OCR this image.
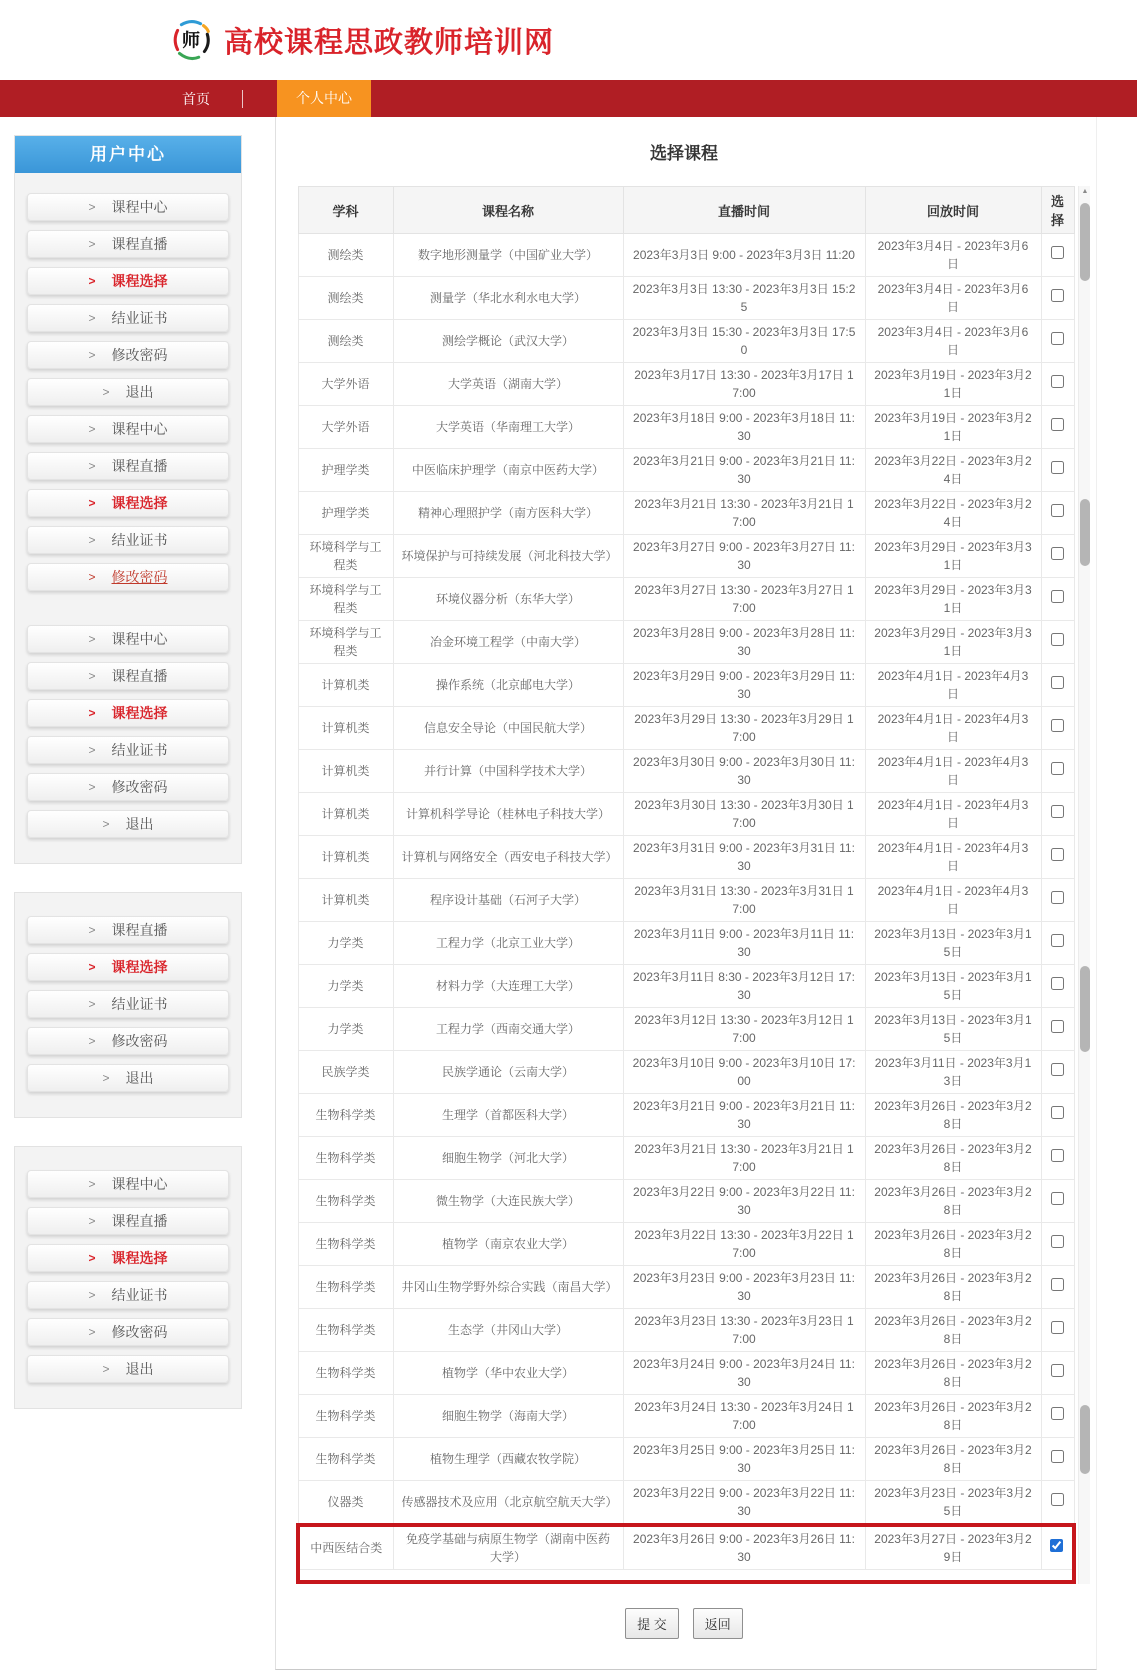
师 高校课程思政教师培训网
首页	个人中心
用户中心
> 课程中心
> 课程直播
> 课程选择
> 结业证书
> 修改密码
> 退出
> 课程中心
> 课程直播
> 课程选择
> 结业证书
> 修改密码
> 课程中心
> 课程直播
> 课程选择
> 结业证书
> 修改密码
> 退出
> 课程直播
> 课程选择
> 结业证书
> 修改密码
> 退出
> 课程中心
> 课程直播
> 课程选择
> 结业证书
> 修改密码
> 退出
选择课程
学科	课程名称	直播时间	回放时间	选择
测绘类	数字地形测量学（中国矿业大学）	2023年3月3日 9:00 - 2023年3月3日 11:20	2023年3月4日 - 2023年3月6日	
测绘类	测量学（华北水利水电大学）	2023年3月3日 13:30 - 2023年3月3日 15:25	2023年3月4日 - 2023年3月6日	
测绘类	测绘学概论（武汉大学）	2023年3月3日 15:30 - 2023年3月3日 17:50	2023年3月4日 - 2023年3月6日	
大学外语	大学英语（湖南大学）	2023年3月17日 13:30 - 2023年3月17日 17:00	2023年3月19日 - 2023年3月21日	
大学外语	大学英语（华南理工大学）	2023年3月18日 9:00 - 2023年3月18日 11:30	2023年3月19日 - 2023年3月21日	
护理学类	中医临床护理学（南京中医药大学）	2023年3月21日 9:00 - 2023年3月21日 11:30	2023年3月22日 - 2023年3月24日	
护理学类	精神心理照护学（南方医科大学）	2023年3月21日 13:30 - 2023年3月21日 17:00	2023年3月22日 - 2023年3月24日	
环境科学与工程类	环境保护与可持续发展（河北科技大学）	2023年3月27日 9:00 - 2023年3月27日 11:30	2023年3月29日 - 2023年3月31日	
环境科学与工程类	环境仪器分析（东华大学）	2023年3月27日 13:30 - 2023年3月27日 17:00	2023年3月29日 - 2023年3月31日	
环境科学与工程类	冶金环境工程学（中南大学）	2023年3月28日 9:00 - 2023年3月28日 11:30	2023年3月29日 - 2023年3月31日	
计算机类	操作系统（北京邮电大学）	2023年3月29日 9:00 - 2023年3月29日 11:30	2023年4月1日 - 2023年4月3日	
计算机类	信息安全导论（中国民航大学）	2023年3月29日 13:30 - 2023年3月29日 17:00	2023年4月1日 - 2023年4月3日	
计算机类	并行计算（中国科学技术大学）	2023年3月30日 9:00 - 2023年3月30日 11:30	2023年4月1日 - 2023年4月3日	
计算机类	计算机科学导论（桂林电子科技大学）	2023年3月30日 13:30 - 2023年3月30日 17:00	2023年4月1日 - 2023年4月3日	
计算机类	计算机与网络安全（西安电子科技大学）	2023年3月31日 9:00 - 2023年3月31日 11:30	2023年4月1日 - 2023年4月3日	
计算机类	程序设计基础（石河子大学）	2023年3月31日 13:30 - 2023年3月31日 17:00	2023年4月1日 - 2023年4月3日	
力学类	工程力学（北京工业大学）	2023年3月11日 9:00 - 2023年3月11日 11:30	2023年3月13日 - 2023年3月15日	
力学类	材料力学（大连理工大学）	2023年3月11日 8:30 - 2023年3月12日 17:30	2023年3月13日 - 2023年3月15日	
力学类	工程力学（西南交通大学）	2023年3月12日 13:30 - 2023年3月12日 17:00	2023年3月13日 - 2023年3月15日	
民族学类	民族学通论（云南大学）	2023年3月10日 9:00 - 2023年3月10日 17:00	2023年3月11日 - 2023年3月13日	
生物科学类	生理学（首都医科大学）	2023年3月21日 9:00 - 2023年3月21日 11:30	2023年3月26日 - 2023年3月28日	
生物科学类	细胞生物学（河北大学）	2023年3月21日 13:30 - 2023年3月21日 17:00	2023年3月26日 - 2023年3月28日	
生物科学类	微生物学（大连民族大学）	2023年3月22日 9:00 - 2023年3月22日 11:30	2023年3月26日 - 2023年3月28日	
生物科学类	植物学（南京农业大学）	2023年3月22日 13:30 - 2023年3月22日 17:00	2023年3月26日 - 2023年3月28日	
生物科学类	井冈山生物学野外综合实践（南昌大学）	2023年3月23日 9:00 - 2023年3月23日 11:30	2023年3月26日 - 2023年3月28日	
生物科学类	生态学（井冈山大学）	2023年3月23日 13:30 - 2023年3月23日 17:00	2023年3月26日 - 2023年3月28日	
生物科学类	植物学（华中农业大学）	2023年3月24日 9:00 - 2023年3月24日 11:30	2023年3月26日 - 2023年3月28日	
生物科学类	细胞生物学（海南大学）	2023年3月24日 13:30 - 2023年3月24日 17:00	2023年3月26日 - 2023年3月28日	
生物科学类	植物生理学（西藏农牧学院）	2023年3月25日 9:00 - 2023年3月25日 11:30	2023年3月26日 - 2023年3月28日	
仪器类	传感器技术及应用（北京航空航天大学）	2023年3月22日 9:00 - 2023年3月22日 11:30	2023年3月23日 - 2023年3月25日	
中西医结合类	免疫学基础与病原生物学（湖南中医药大学）	2023年3月26日 9:00 - 2023年3月26日 11:30	2023年3月27日 - 2023年3月29日	

▲
提 交	返回
